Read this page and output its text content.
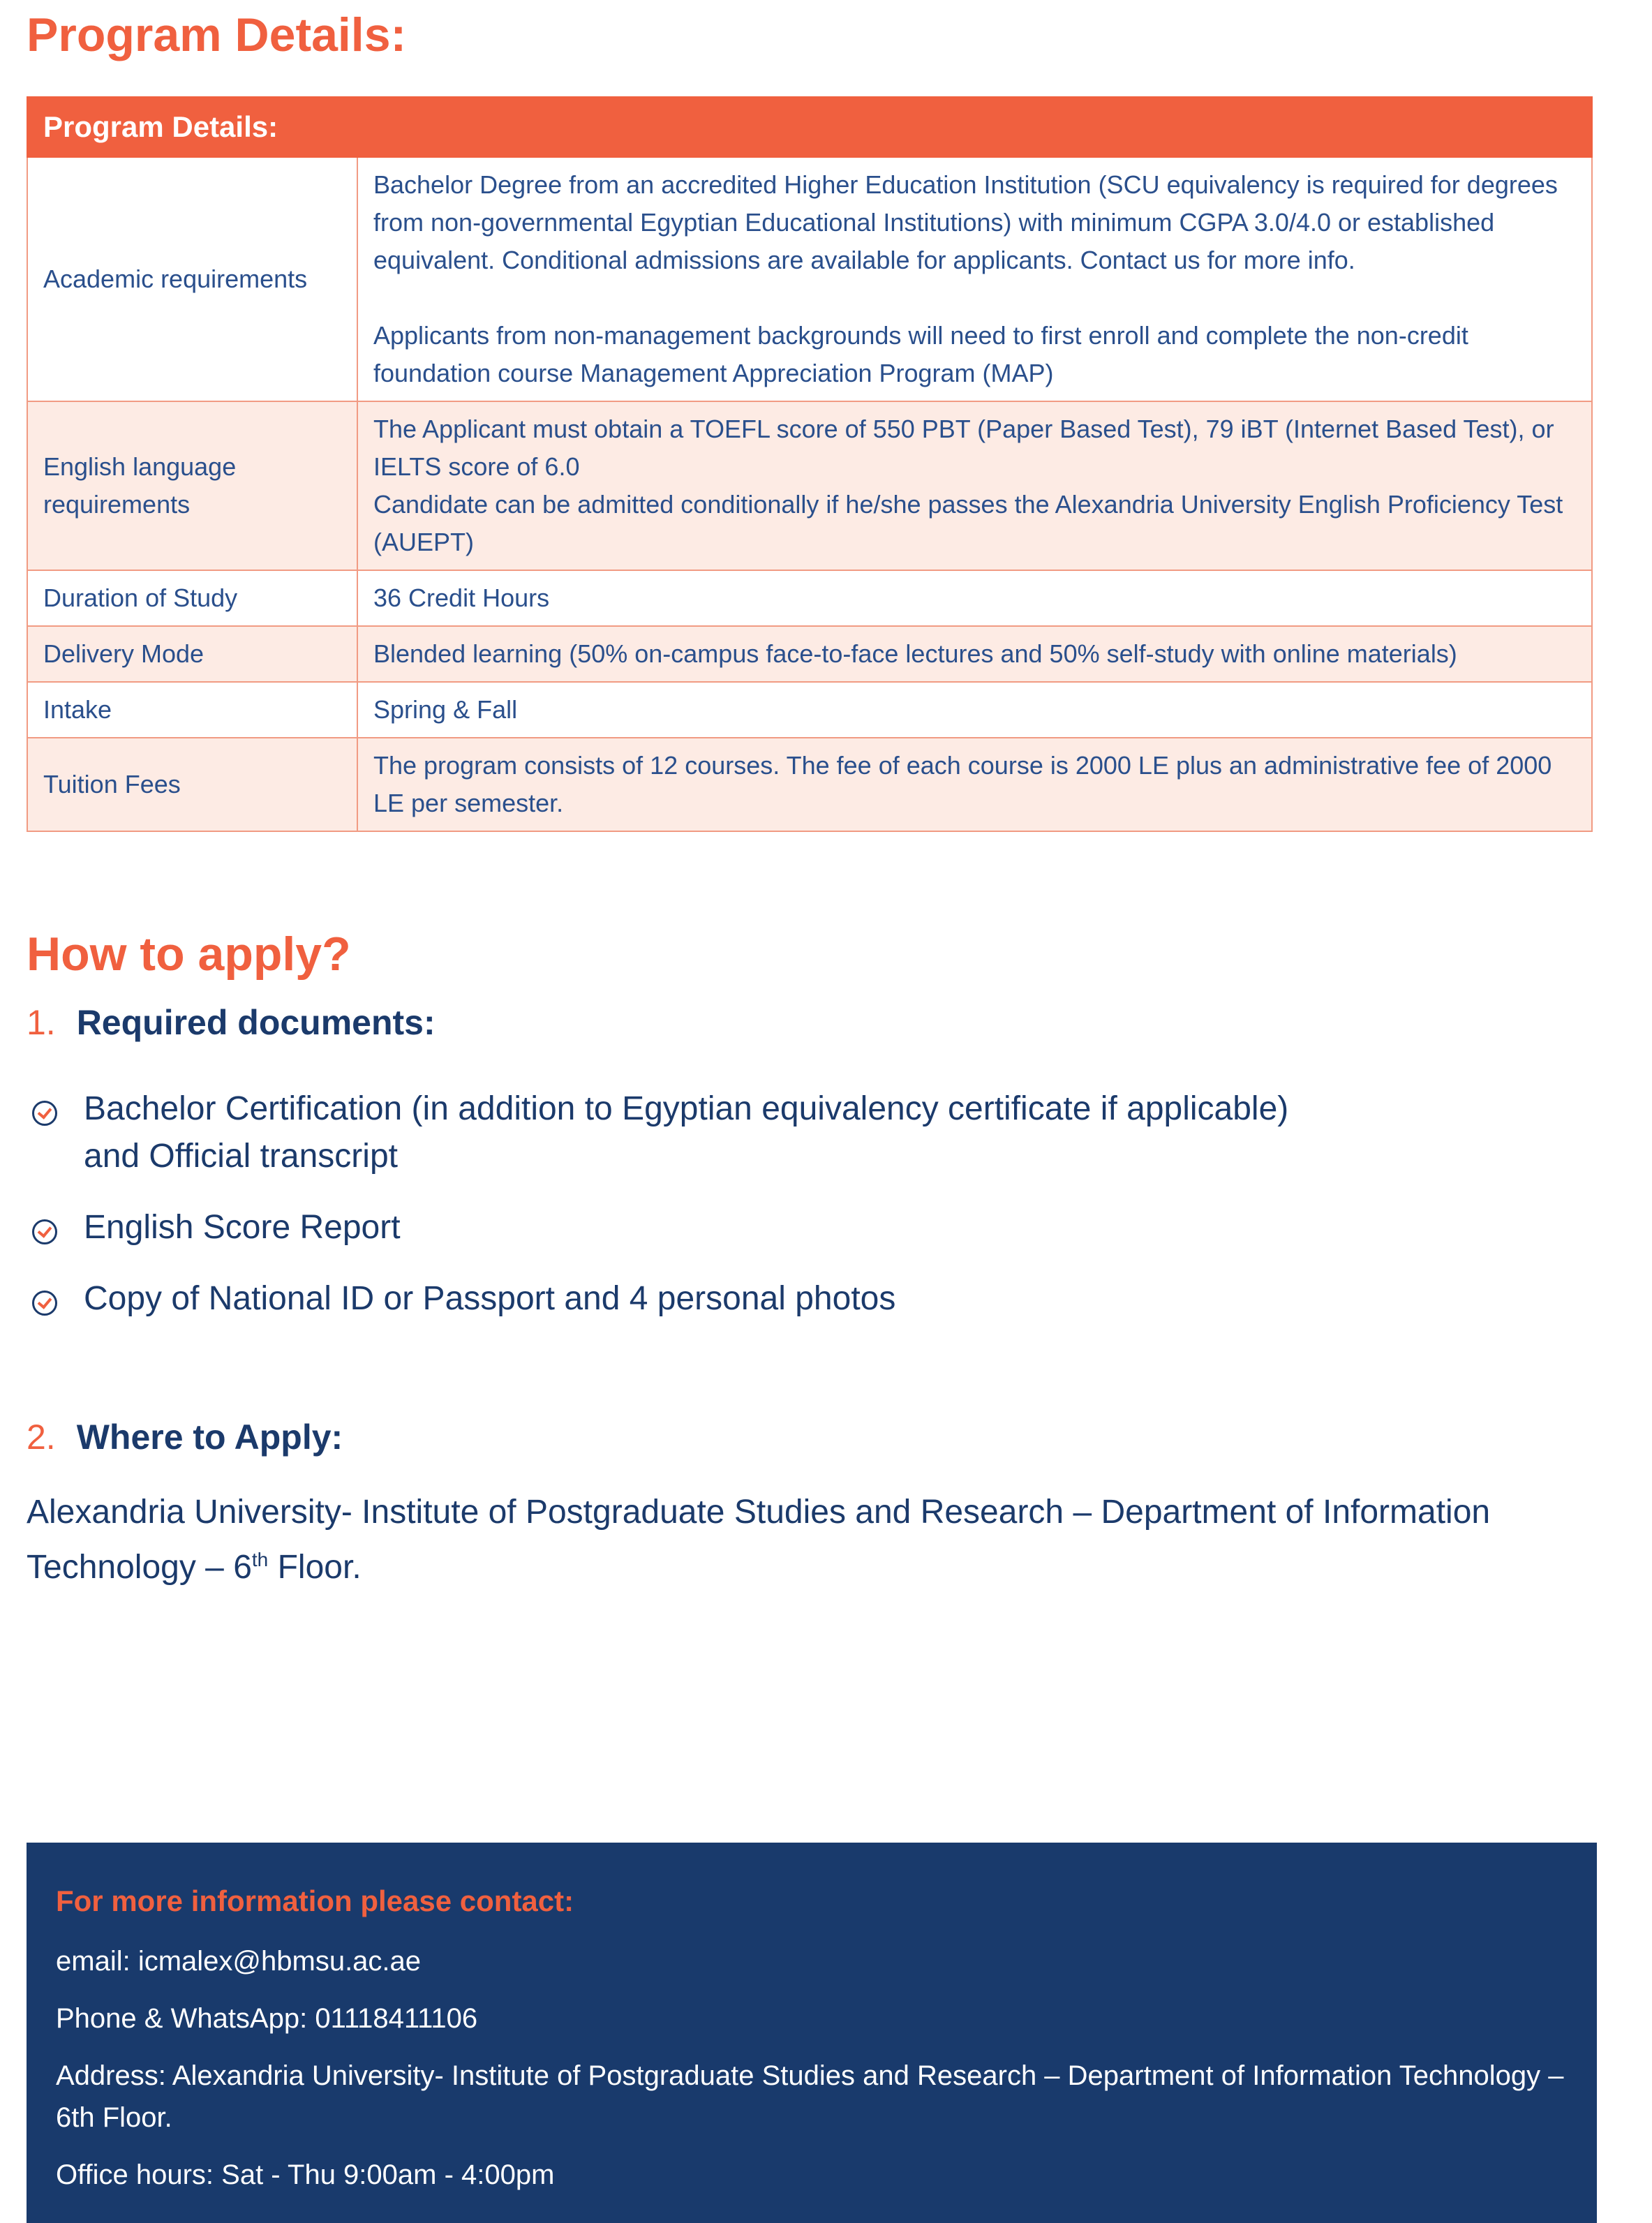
Program Details:
Program Details:	
Academic requirements	Bachelor Degree from an accredited Higher Education Institution (SCU equivalency is required for degrees from non-governmental Egyptian Educational Institutions) with minimum CGPA 3.0/4.0 or established equivalent. Conditional admissions are available for applicants. Contact us for more info.
Applicants from non-management backgrounds will need to first enroll and complete the non-credit foundation course Management Appreciation Program (MAP)

English language requirements	The Applicant must obtain a TOEFL score of 550 PBT (Paper Based Test), 79 iBT (Internet Based Test), or IELTS score of 6.0
Candidate can be admitted conditionally if he/she passes the Alexandria University English Proficiency Test (AUEPT)

Duration of Study	36 Credit Hours
Delivery Mode	Blended learning (50% on-campus face-to-face lectures and 50% self-study with online materials)
Intake	Spring & Fall
Tuition Fees	The program consists of 12 courses. The fee of each course is 2000 LE plus an administrative fee of 2000 LE per semester.
How to apply?
1. Required documents:
Bachelor Certification (in addition to Egyptian equivalency certificate if applicable) and Official transcript
English Score Report
Copy of National ID or Passport and 4 personal photos
2. Where to Apply:

Alexandria University- Institute of Postgraduate Studies and Research – Department of Information Technology – 6th Floor.

For more information please contact:

email: icmalex@hbmsu.ac.ae

Phone & WhatsApp: 01118411106

Address: Alexandria University- Institute of Postgraduate Studies and Research – Department of Information Technology – 6th Floor.

Office hours: Sat - Thu 9:00am - 4:00pm
